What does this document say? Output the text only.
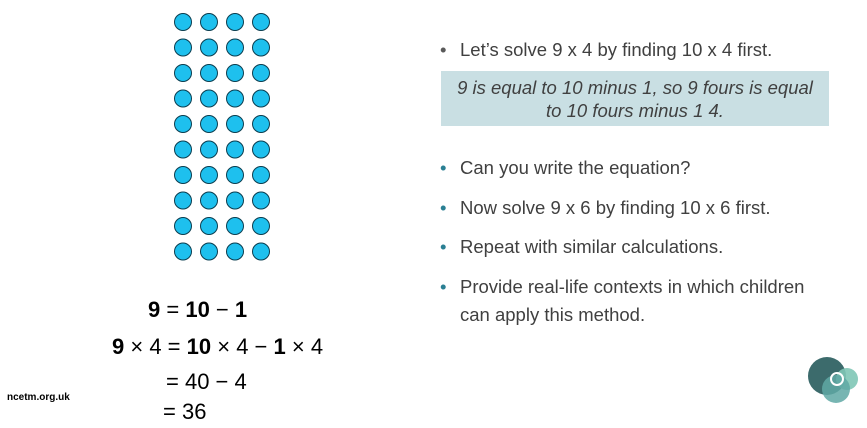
9 = 10 − 1
9 × 4 = 10 × 4 − 1 × 4
= 40 − 4
= 36
• Let’s solve 9 x 4 by finding 10 x 4 first.
9 is equal to 10 minus 1, so 9 fours is equal
to 10 fours minus 1 4.
• Can you write the equation?
• Now solve 9 x 6 by finding 10 x 6 first.
• Repeat with similar calculations.
• Provide real-life contexts in which children
can apply this method.
ncetm.org.uk
